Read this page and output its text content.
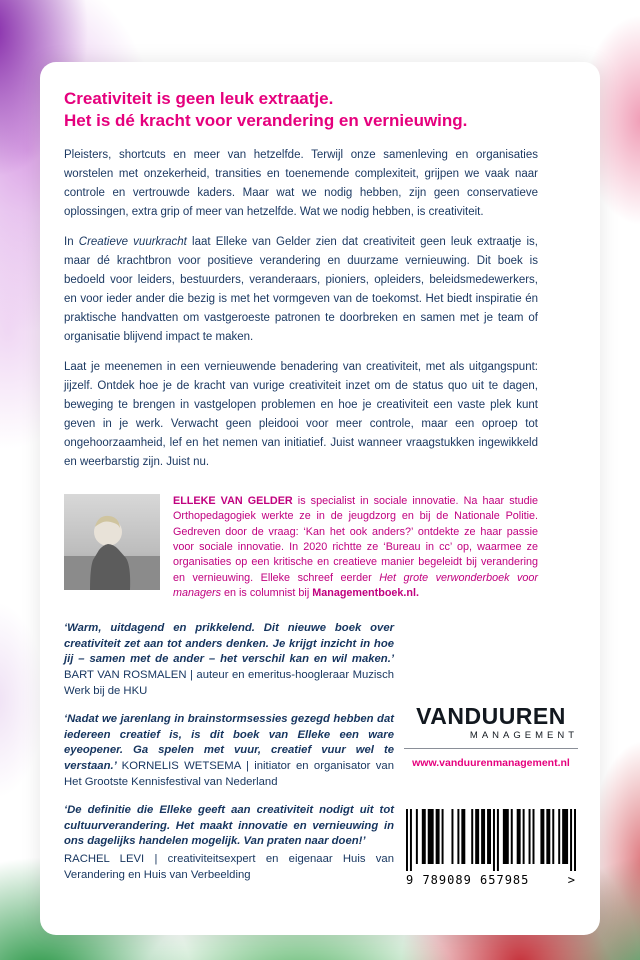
Creativiteit is geen leuk extraatje.
Het is dé kracht voor verandering en vernieuwing.

Pleisters, shortcuts en meer van hetzelfde. Terwijl onze samenleving en organisaties worstelen met onzekerheid, transities en toenemende complexiteit, grijpen we vaak naar controle en vertrouwde kaders. Maar wat we nodig hebben, zijn geen conservatieve oplossingen, extra grip of meer van hetzelfde. Wat we nodig hebben, is creativiteit.

In Creatieve vuurkracht laat Elleke van Gelder zien dat creativiteit geen leuk extraatje is, maar dé krachtbron voor positieve verandering en duurzame vernieuwing. Dit boek is bedoeld voor leiders, bestuurders, veranderaars, pioniers, opleiders, beleidsmedewerkers, en voor ieder ander die bezig is met het vormgeven van de toekomst. Het biedt inspiratie én praktische handvatten om vastgeroeste patronen te doorbreken en samen met je team of organisatie blijvend impact te maken.

Laat je meenemen in een vernieuwende benadering van creativiteit, met als uitgangspunt: jijzelf. Ontdek hoe je de kracht van vurige creativiteit inzet om de status quo uit te dagen, beweging te brengen in vastgelopen problemen en hoe je creativiteit een vaste plek kunt geven in je werk. Verwacht geen pleidooi voor meer controle, maar een oproep tot ongehoorzaamheid, lef en het nemen van initiatief. Juist wanneer vraagstukken ingewikkeld en weerbarstig zijn. Juist nu.

ELLEKE VAN GELDER is specialist in sociale innovatie. Na haar studie Orthopedagogiek werkte ze in de jeugdzorg en bij de Nationale Politie. Gedreven door de vraag: ‘Kan het ook anders?’ ontdekte ze haar passie voor sociale innovatie. In 2020 richtte ze ‘Bureau in cc’ op, waarmee ze organisaties op een kritische en creatieve manier begeleidt bij verandering en vernieuwing. Elleke schreef eerder Het grote verwonderboek voor managers en is columnist bij Managementboek.nl.

‘Warm, uitdagend en prikkelend. Dit nieuwe boek over creativiteit zet aan tot anders denken. Je krijgt inzicht in hoe jij – samen met de ander – het verschil kan en wil maken.’ BART VAN ROSMALEN | auteur en emeritus-hoogleraar Muzisch Werk bij de HKU

‘Nadat we jarenlang in brainstormsessies gezegd hebben dat iedereen creatief is, is dit boek van Elleke een ware eyeopener. Ga spelen met vuur, creatief vuur wel te verstaan.’ KORNELIS WETSEMA | initiator en organisator van Het Grootste Kennisfestival van Nederland

‘De definitie die Elleke geeft aan creativiteit nodigt uit tot cultuurverandering. Het maakt innovatie en vernieuwing in ons dagelijks handelen mogelijk. Van praten naar doen!’
RACHEL LEVI | creativiteitsexpert en eigenaar Huis van Verandering en Huis van Verbeelding

VANDUUREN
MANAGEMENT
www.vanduurenmanagement.nl
9 789089 657985	>
